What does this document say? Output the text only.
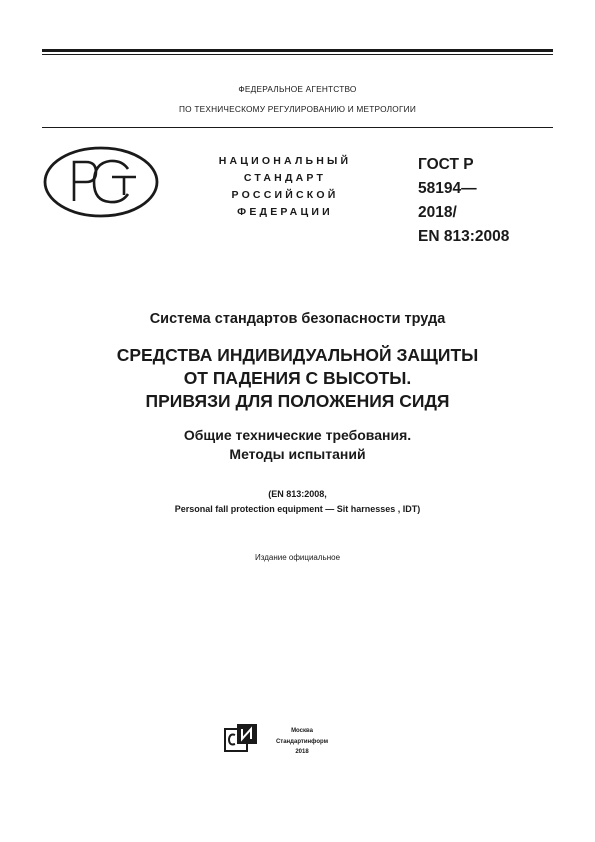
ФЕДЕРАЛЬНОЕ АГЕНТСТВО
ПО ТЕХНИЧЕСКОМУ РЕГУЛИРОВАНИЮ И МЕТРОЛОГИИ
НАЦИОНАЛЬНЫЙ
СТАНДАРТ
РОССИЙСКОЙ
ФЕДЕРАЦИИ
ГОСТ Р
58194—
2018/
EN 813:2008
Система стандартов безопасности труда
СРЕДСТВА ИНДИВИДУАЛЬНОЙ ЗАЩИТЫ
ОТ ПАДЕНИЯ С ВЫСОТЫ.
ПРИВЯЗИ ДЛЯ ПОЛОЖЕНИЯ СИДЯ
Общие технические требования.
Методы испытаний
(EN 813:2008,
Personal fall protection equipment — Sit harnesses , IDT)
Издание официальное
Москва
Стандартинформ
2018
